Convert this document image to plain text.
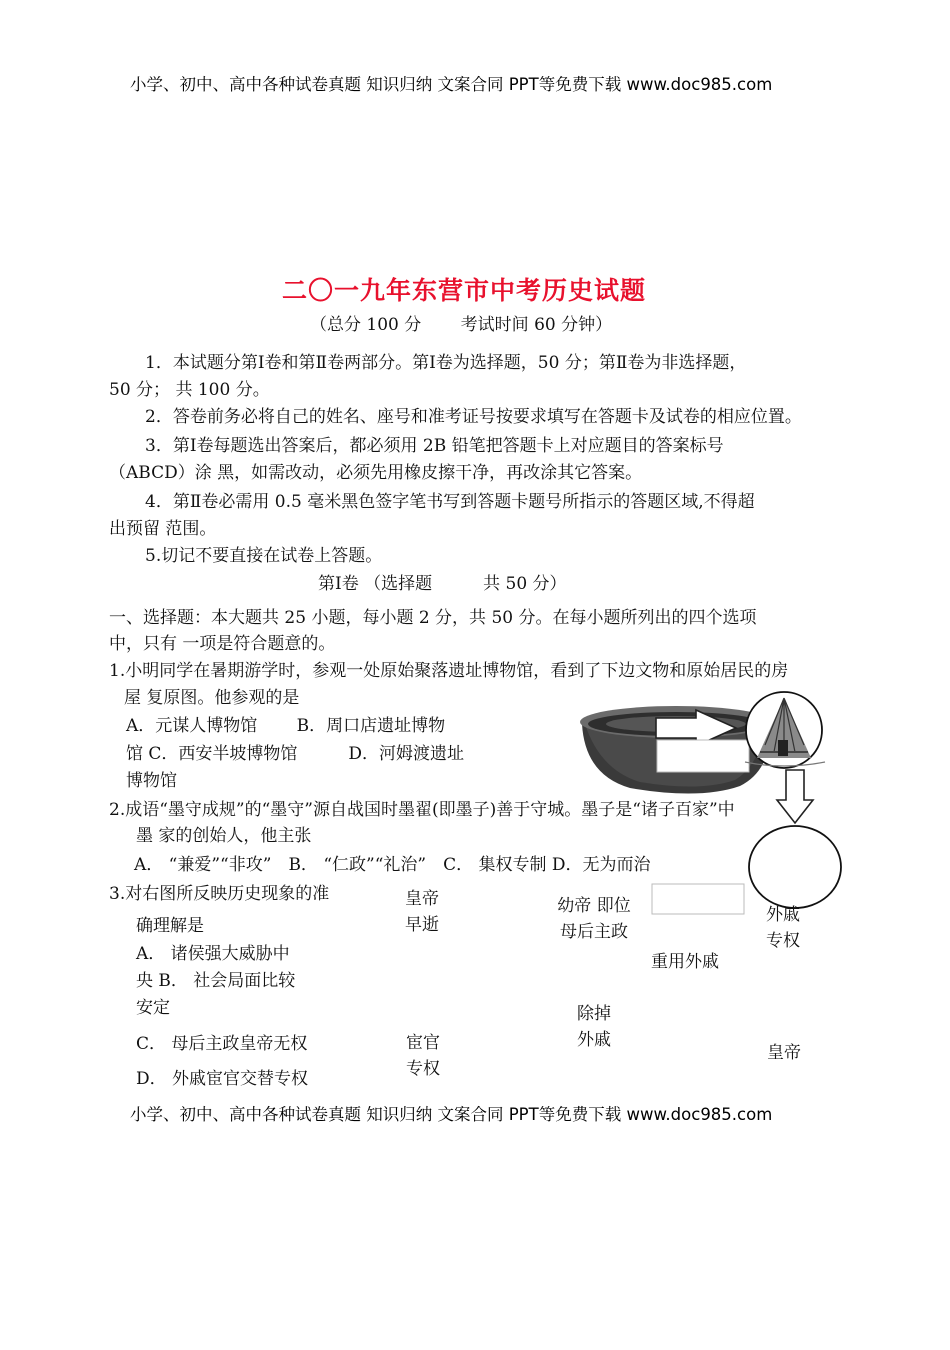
小学、初中、高中各种试卷真题 知识归纳 文案合同 PPT等免费下载 www.doc985.com
小学、初中、高中各种试卷真题 知识归纳 文案合同 PPT等免费下载 www.doc985.com
二〇一九年东营市中考历史试题
（总分 100 分　　 考试时间 60 分钟）
1．本试题分第Ⅰ卷和第Ⅱ卷两部分。第Ⅰ卷为选择题，50 分；第Ⅱ卷为非选择题，
50 分； 共 100 分。
2．答卷前务必将自己的姓名、座号和准考证号按要求填写在答题卡及试卷的相应位置。
3．第Ⅰ卷每题选出答案后，都必须用 2B 铅笔把答题卡上对应题目的答案标号
（ABCD）涂 黑，如需改动，必须先用橡皮擦干净，再改涂其它答案。
4．第Ⅱ卷必需用 0.5 毫米黑色签字笔书写到答题卡题号所指示的答题区域,不得超
出预留 范围。
5.切记不要直接在试卷上答题。
第Ⅰ卷 （选择题　　　共 50 分）
一、选择题：本大题共 25 小题，每小题 2 分，共 50 分。在每小题所列出的四个选项
中，只有 一项是符合题意的。
1.小明同学在暑期游学时，参观一处原始聚落遗址博物馆，看到了下边文物和原始居民的房
屋 复原图。他参观的是
A．元谋人博物馆　　 B．周口店遗址博物
馆 C．西安半坡博物馆　　　D．河姆渡遗址
博物馆
2.成语“墨守成规”的“墨守”源自战国时墨翟(即墨子)善于守城。墨子是“诸子百家”中
墨 家的创始人，他主张
A． “兼爱”“非攻”　B． “仁政”“礼治”　C． 集权专制 D．无为而治
3.对右图所反映历史现象的准
确理解是
A． 诸侯强大威胁中
央 B． 社会局面比较
安定
C． 母后主政皇帝无权
D． 外戚宦官交替专权
皇帝早逝
幼帝 即位 母后主政
重用外戚
外戚专权
除掉外戚
宦官专权
皇帝
